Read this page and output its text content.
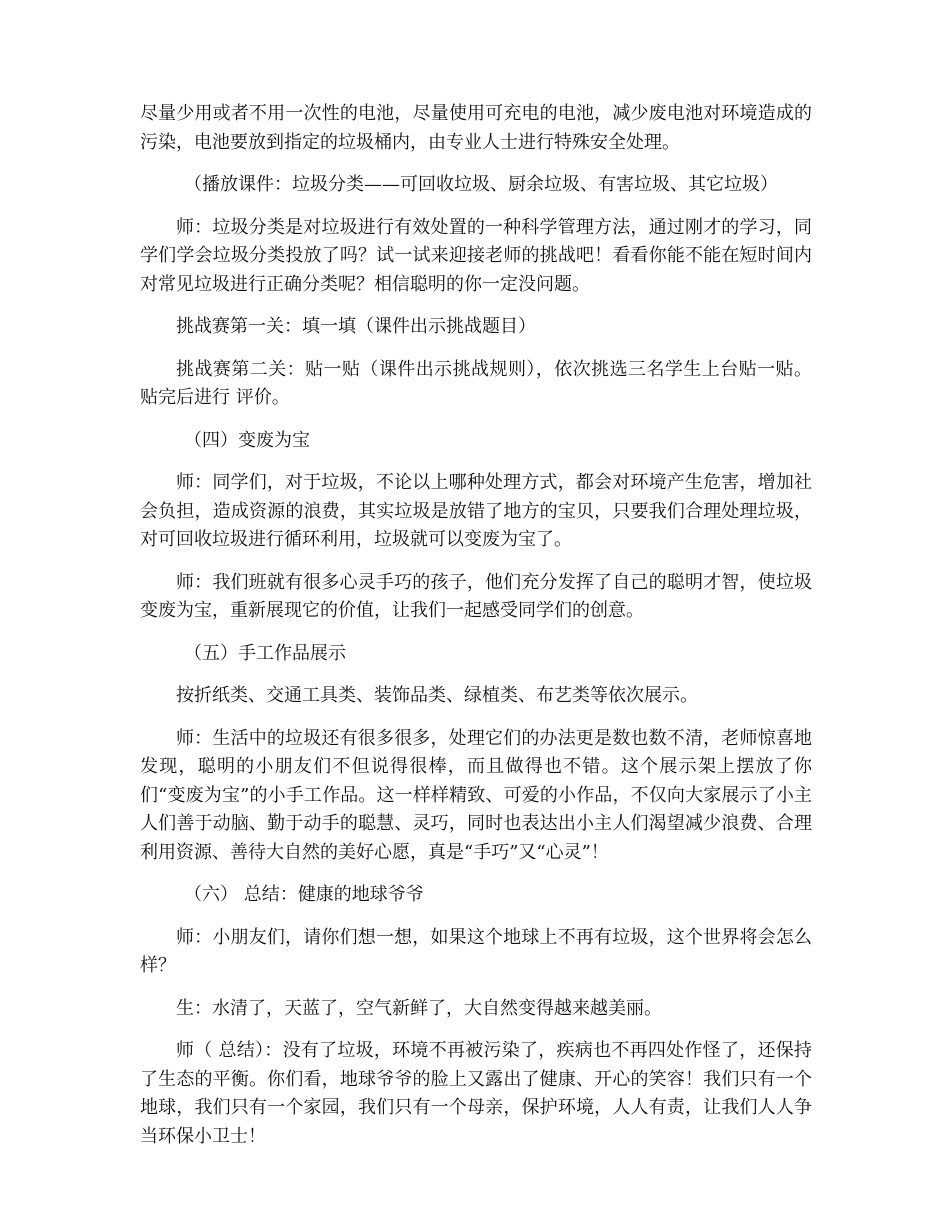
尽量少用或者不用一次性的电池，尽量使用可充电的电池，减少废电池对环境造成的污染，电池要放到指定的垃圾桶内，由专业人士进行特殊安全处理。

（播放课件：垃圾分类——可回收垃圾、厨余垃圾、有害垃圾、其它垃圾）

师：垃圾分类是对垃圾进行有效处置的一种科学管理方法，通过刚才的学习，同学们学会垃圾分类投放了吗？试一试来迎接老师的挑战吧！看看你能不能在短时间内对常见垃圾进行正确分类呢？相信聪明的你一定没问题。

挑战赛第一关：填一填（课件出示挑战题目）

挑战赛第二关：贴一贴（课件出示挑战规则），依次挑选三名学生上台贴一贴。贴完后进行 评价。

（四）变废为宝

师：同学们，对于垃圾，不论以上哪种处理方式，都会对环境产生危害，增加社会负担，造成资源的浪费，其实垃圾是放错了地方的宝贝，只要我们合理处理垃圾，对可回收垃圾进行循环利用，垃圾就可以变废为宝了。

师：我们班就有很多心灵手巧的孩子，他们充分发挥了自己的聪明才智，使垃圾变废为宝，重新展现它的价值，让我们一起感受同学们的创意。

（五）手工作品展示

按折纸类、交通工具类、装饰品类、绿植类、布艺类等依次展示。

师：生活中的垃圾还有很多很多，处理它们的办法更是数也数不清，老师惊喜地发现，聪明的小朋友们不但说得很棒，而且做得也不错。这个展示架上摆放了你们“变废为宝”的小手工作品。这一样样精致、可爱的小作品，不仅向大家展示了小主人们善于动脑、勤于动手的聪慧、灵巧，同时也表达出小主人们渴望减少浪费、合理利用资源、善待大自然的美好心愿，真是“手巧”又“心灵”！

（六） 总结：健康的地球爷爷

师：小朋友们，请你们想一想，如果这个地球上不再有垃圾，这个世界将会怎么样？

生：水清了，天蓝了，空气新鲜了，大自然变得越来越美丽。

师（ 总结）：没有了垃圾，环境不再被污染了，疾病也不再四处作怪了，还保持了生态的平衡。你们看，地球爷爷的脸上又露出了健康、开心的笑容！我们只有一个地球，我们只有一个家园，我们只有一个母亲，保护环境，人人有责，让我们人人争当环保小卫士！
